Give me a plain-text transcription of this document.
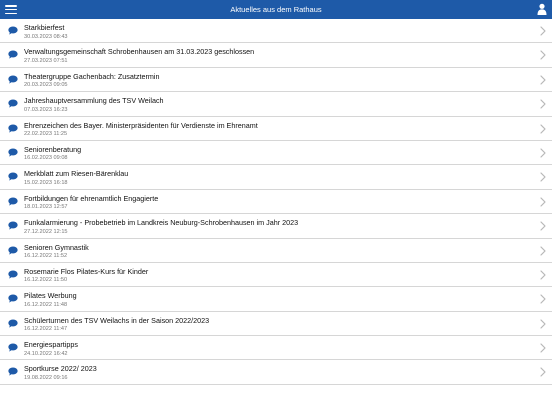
Aktuelles aus dem Rathaus
Starkbierfest
30.03.2023 08:43
Verwaltungsgemeinschaft Schrobenhausen am 31.03.2023 geschlossen
27.03.2023 07:51
Theatergruppe Gachenbach: Zusatztermin
20.03.2023 09:05
Jahreshauptversammlung des TSV Weilach
07.03.2023 16:23
Ehrenzeichen des Bayer. Ministerpräsidenten für Verdienste im Ehrenamt
22.02.2023 11:25
Seniorenberatung
16.02.2023 09:08
Merkblatt zum Riesen-Bärenklau
15.02.2023 16:18
Fortbildungen für ehrenamtlich Engagierte
18.01.2023 12:57
Funkalarmierung - Probebetrieb im Landkreis Neuburg-Schrobenhausen im Jahr 2023
27.12.2022 12:15
Senioren Gymnastik
16.12.2022 11:52
Rosemarie Flos Pilates-Kurs für Kinder
16.12.2022 11:50
Pilates Werbung
16.12.2022 11:48
Schülerturnen des TSV Weilachs in der Saison 2022/2023
16.12.2022 11:47
Energiespartipps
24.10.2022 16:42
Sportkurse 2022/ 2023
19.08.2022 09:16
